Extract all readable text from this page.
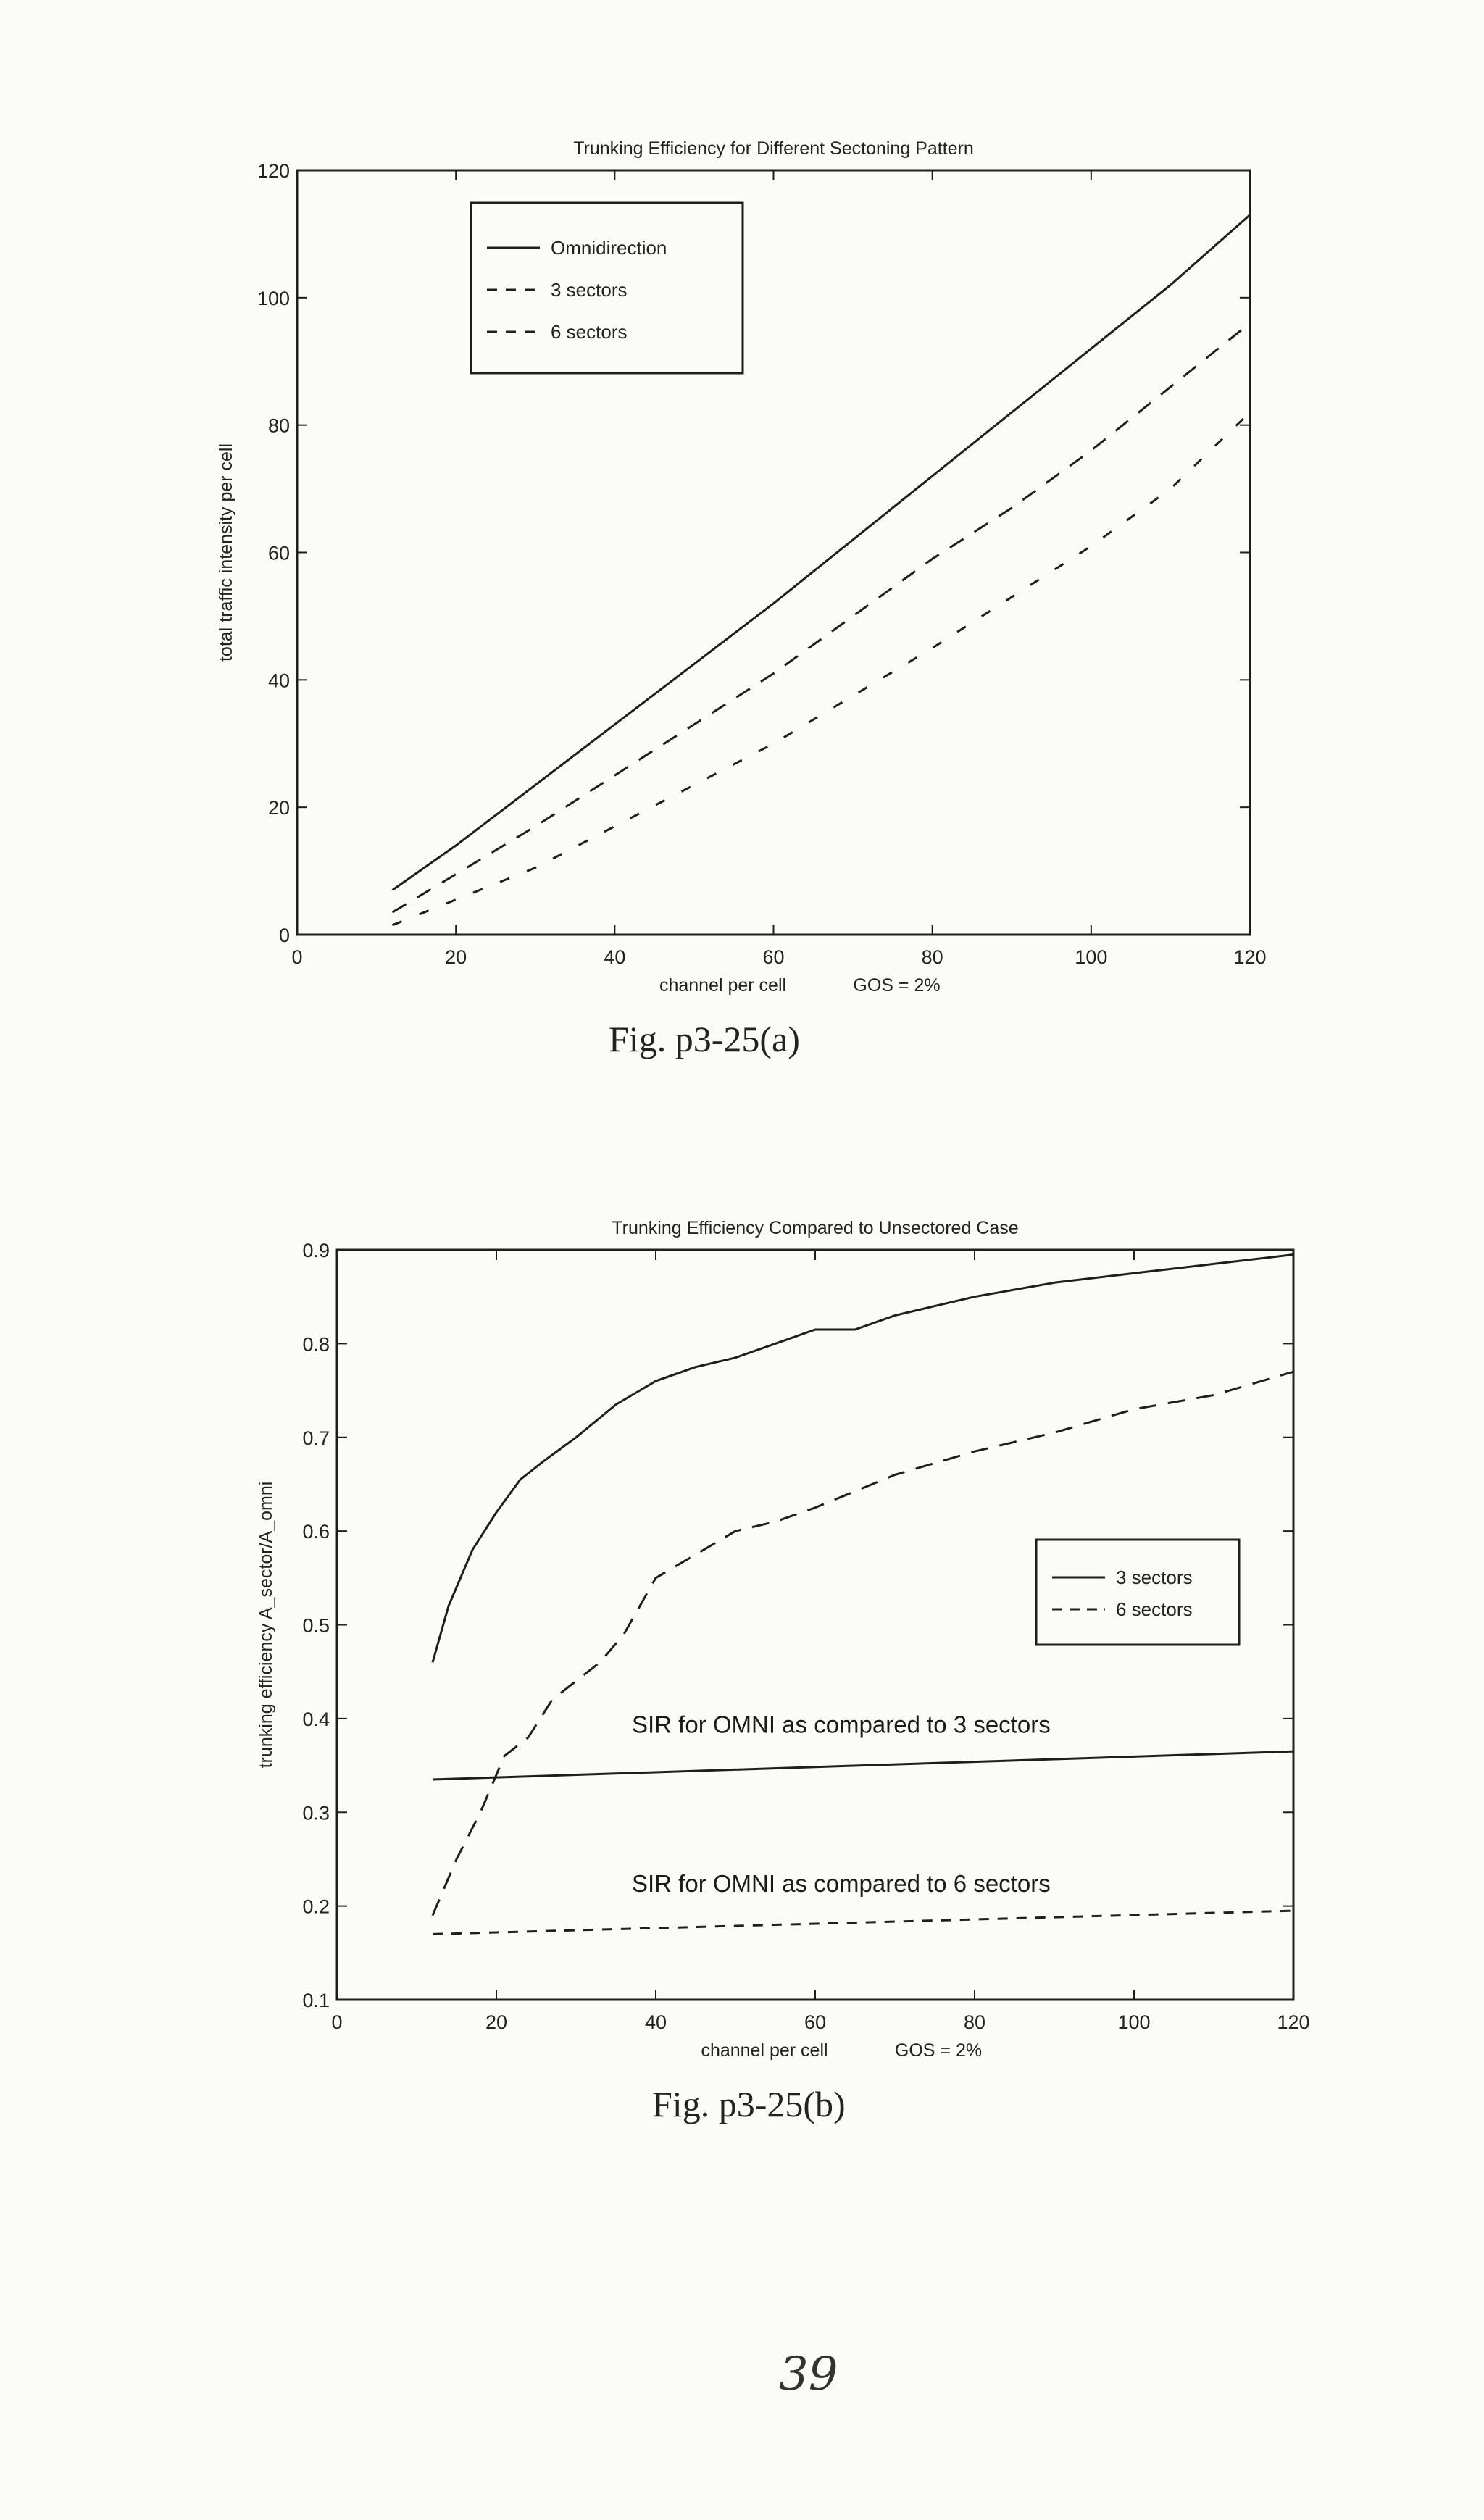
Trunking Efficiency for Different Sectoning Pattern
0	20	40	60	80	100	120
0
20
40
60
80
100
120
channel per cell	GOS = 2%
total traffic intensity per cell
Omnidirection
3 sectors
6 sectors
Trunking Efficiency Compared to Unsectored Case
0	20	40	60	80	100	120
0.1
0.2
0.3
0.4
0.5
0.6
0.7
0.8
0.9
channel per cell	GOS = 2%
trunking efficiency A_sector/A_omni	SIR for OMNI as compared to 3 sectors
SIR for OMNI as compared to 6 sectors
3 sectors
6 sectors
Fig. p3-25(a)
Fig. p3-25(b)
39
